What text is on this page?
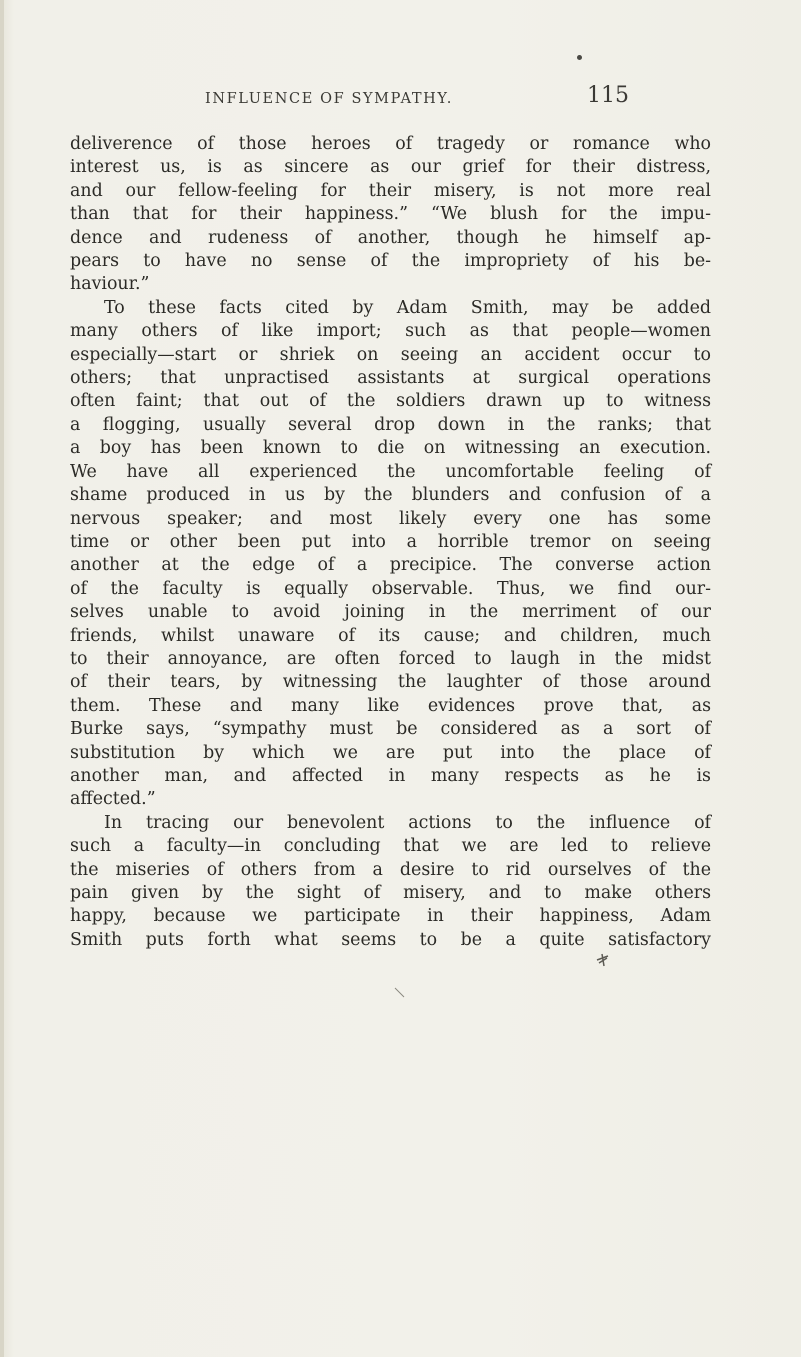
INFLUENCE OF SYMPATHY.	115
deliverence of those heroes of tragedy or romance who
interest us, is as sincere as our grief for their distress,
and our fellow-feeling for their misery, is not more real
than that for their happiness.” “We blush for the impu-
dence and rudeness of another, though he himself ap-
pears to have no sense of the impropriety of his be-
haviour.”
To these facts cited by Adam Smith, may be added
many others of like import; such as that people—women
especially—start or shriek on seeing an accident occur to
others; that unpractised assistants at surgical operations
often faint; that out of the soldiers drawn up to witness
a flogging, usually several drop down in the ranks; that
a boy has been known to die on witnessing an execution.
We have all experienced the uncomfortable feeling of
shame produced in us by the blunders and confusion of a
nervous speaker; and most likely every one has some
time or other been put into a horrible tremor on seeing
another at the edge of a precipice. The converse action
of the faculty is equally observable. Thus, we find our-
selves unable to avoid joining in the merriment of our
friends, whilst unaware of its cause; and children, much
to their annoyance, are often forced to laugh in the midst
of their tears, by witnessing the laughter of those around
them. These and many like evidences prove that, as
Burke says, “sympathy must be considered as a sort of
substitution by which we are put into the place of
another man, and affected in many respects as he is
affected.”
In tracing our benevolent actions to the influence of
such a faculty—in concluding that we are led to relieve
the miseries of others from a desire to rid ourselves of the
pain given by the sight of misery, and to make others
happy, because we participate in their happiness, Adam
Smith puts forth what seems to be a quite satisfactory
